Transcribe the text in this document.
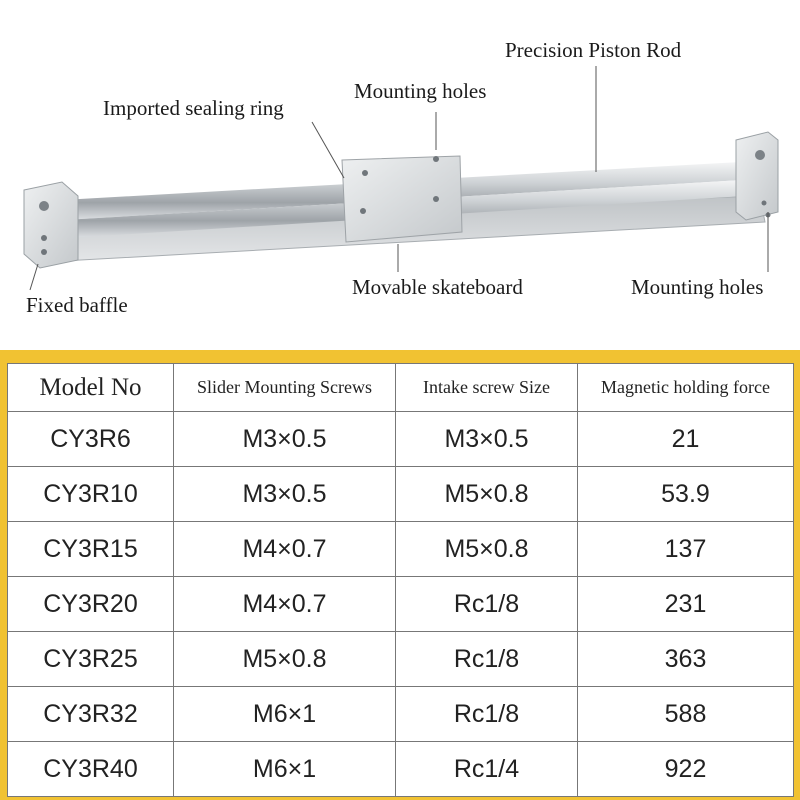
Precision Piston Rod
Mounting holes
Imported sealing ring
Movable skateboard	Mounting holes
Fixed baffle
Model No	Slider Mounting Screws	Intake screw Size	Magnetic holding force
CY3R6	M3×0.5	M3×0.5	21
CY3R10	M3×0.5	M5×0.8	53.9
CY3R15	M4×0.7	M5×0.8	137
CY3R20	M4×0.7	Rc1/8	231
CY3R25	M5×0.8	Rc1/8	363
CY3R32	M6×1	Rc1/8	588
CY3R40	M6×1	Rc1/4	922
